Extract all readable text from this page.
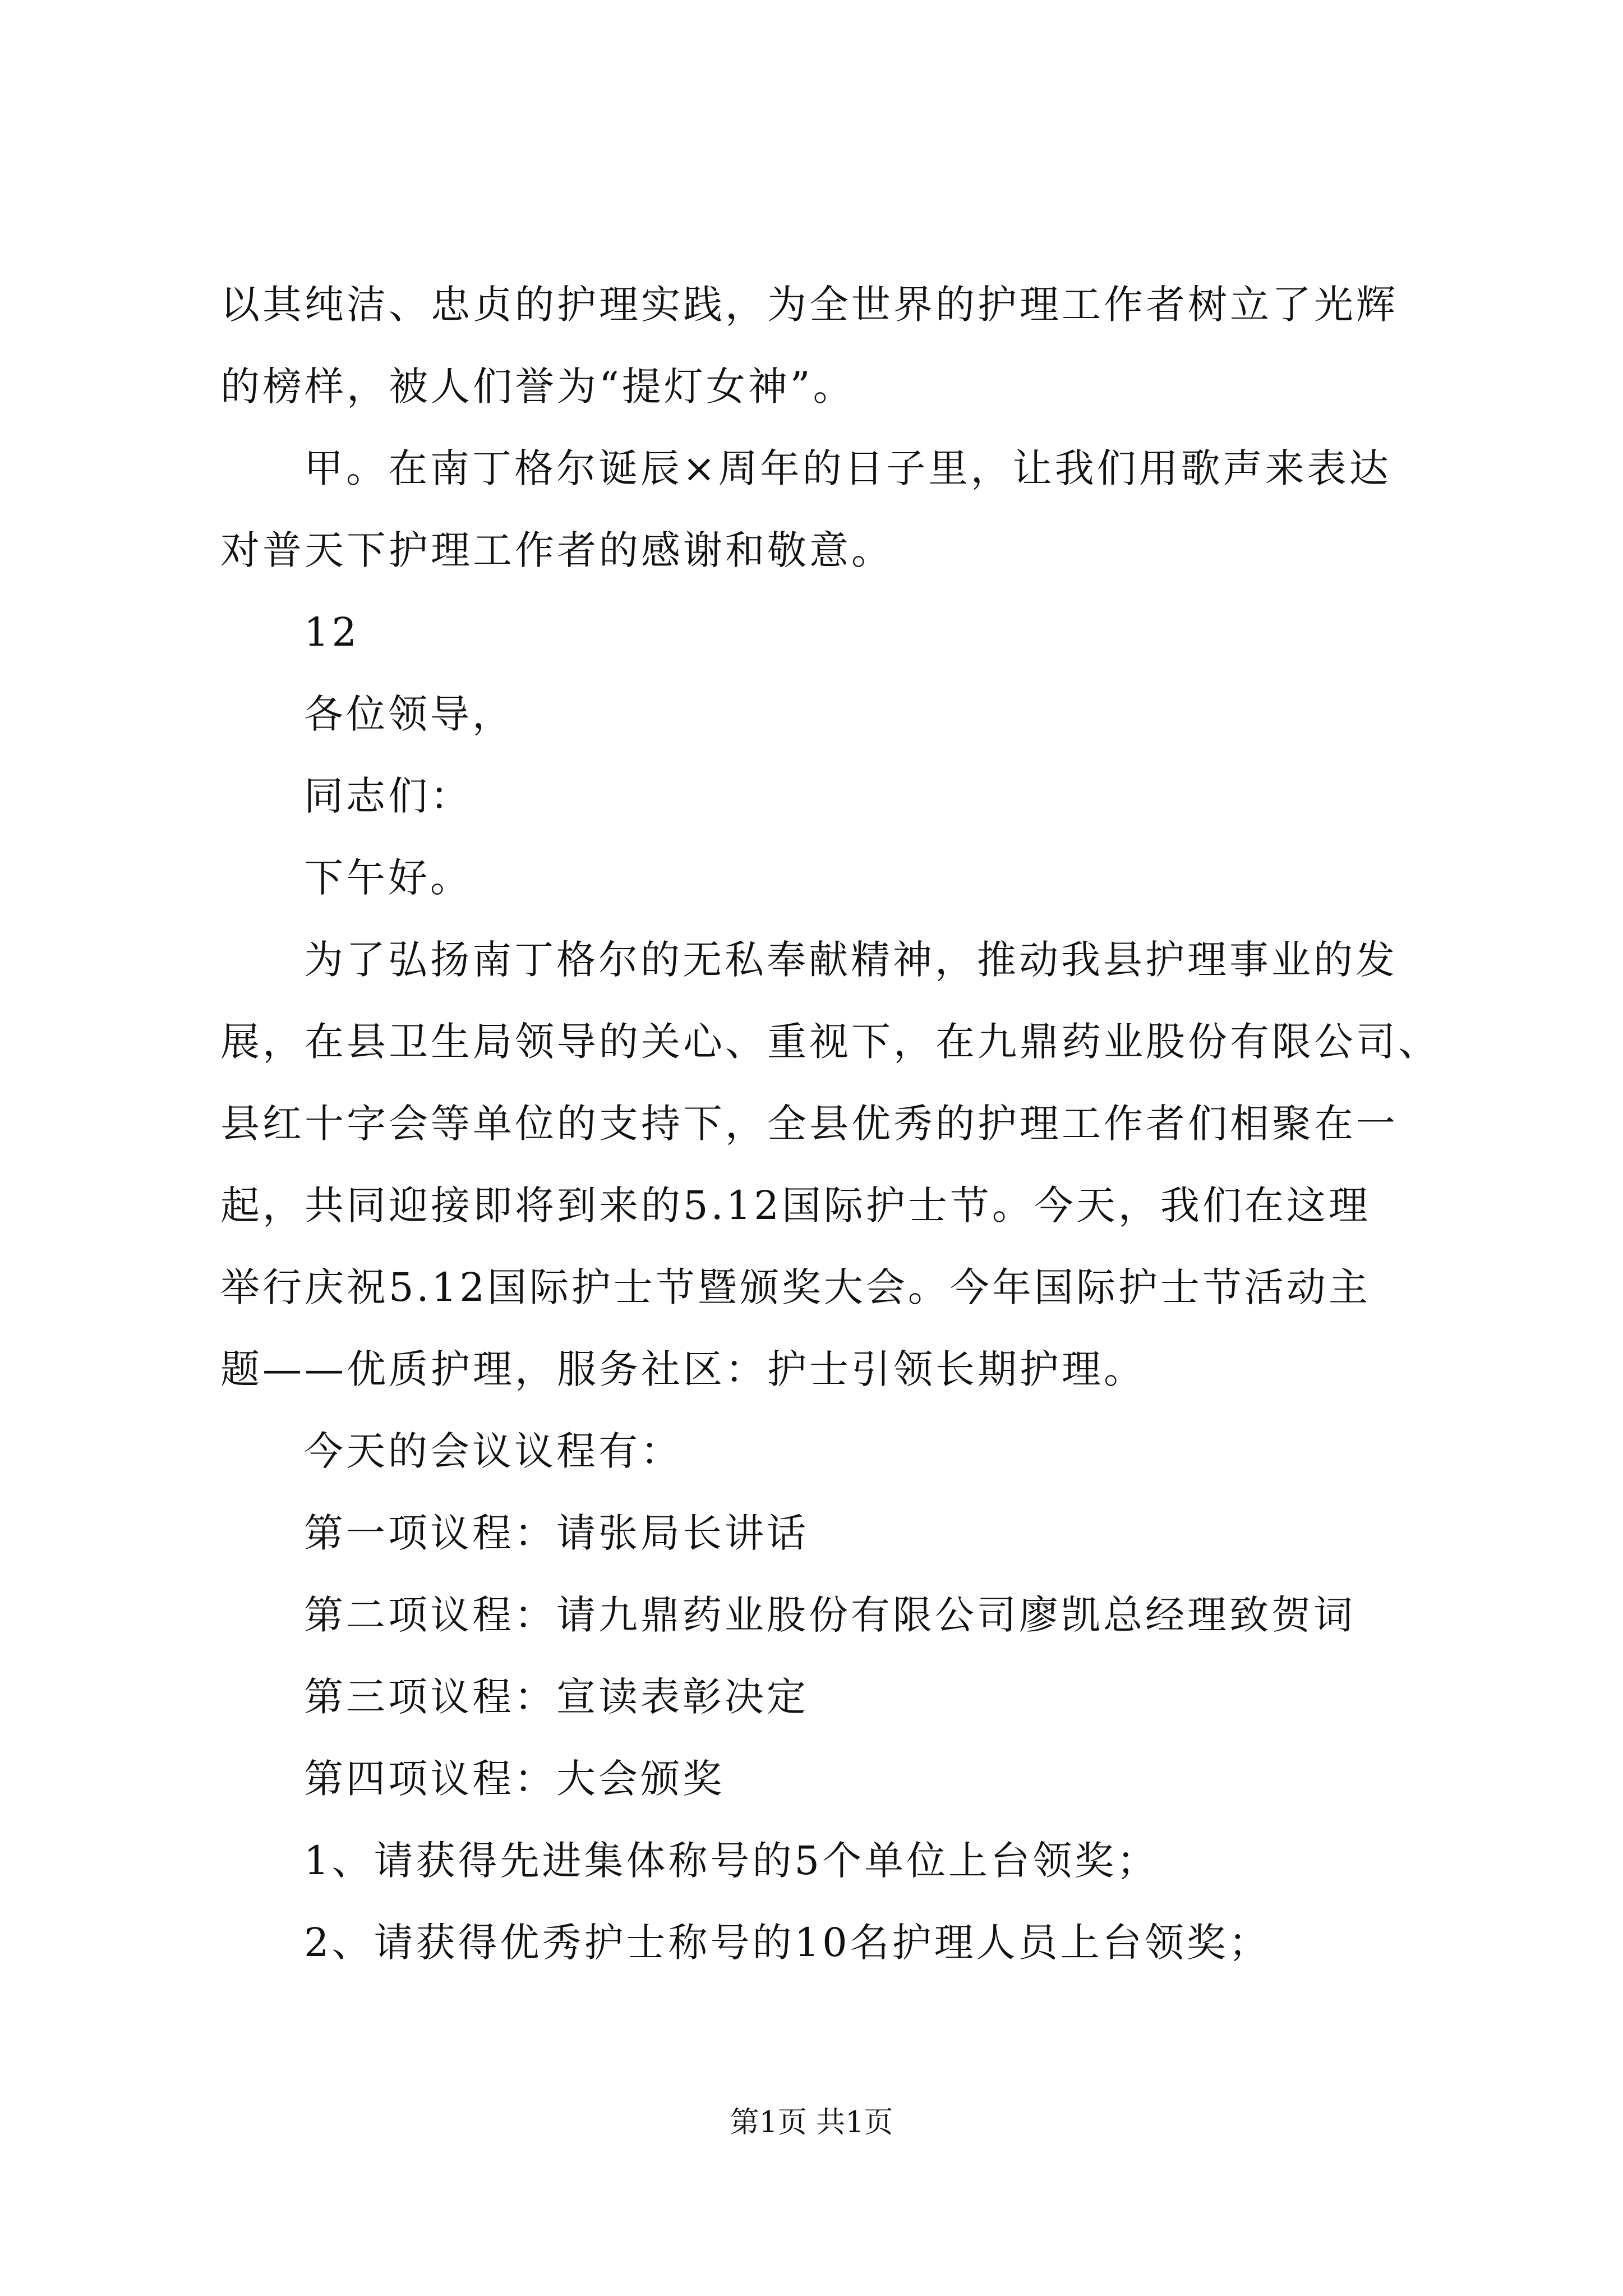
以其纯洁、忠贞的护理实践，为全世界的护理工作者树立了光辉
的榜样，被人们誉为“提灯女神”。
甲。在南丁格尔诞辰×周年的日子里，让我们用歌声来表达
对普天下护理工作者的感谢和敬意。
12
各位领导，
同志们：
下午好。
为了弘扬南丁格尔的无私奉献精神，推动我县护理事业的发
展，在县卫生局领导的关心、重视下，在九鼎药业股份有限公司、
县红十字会等单位的支持下，全县优秀的护理工作者们相聚在一
起，共同迎接即将到来的5.12国际护士节。今天，我们在这理
举行庆祝5.12国际护士节暨颁奖大会。今年国际护士节活动主
题——优质护理，服务社区：护士引领长期护理。
今天的会议议程有：
第一项议程：请张局长讲话
第二项议程：请九鼎药业股份有限公司廖凯总经理致贺词
第三项议程：宣读表彰决定
第四项议程：大会颁奖
1、请获得先进集体称号的5个单位上台领奖；
2、请获得优秀护士称号的10名护理人员上台领奖；
第1页 共1页
